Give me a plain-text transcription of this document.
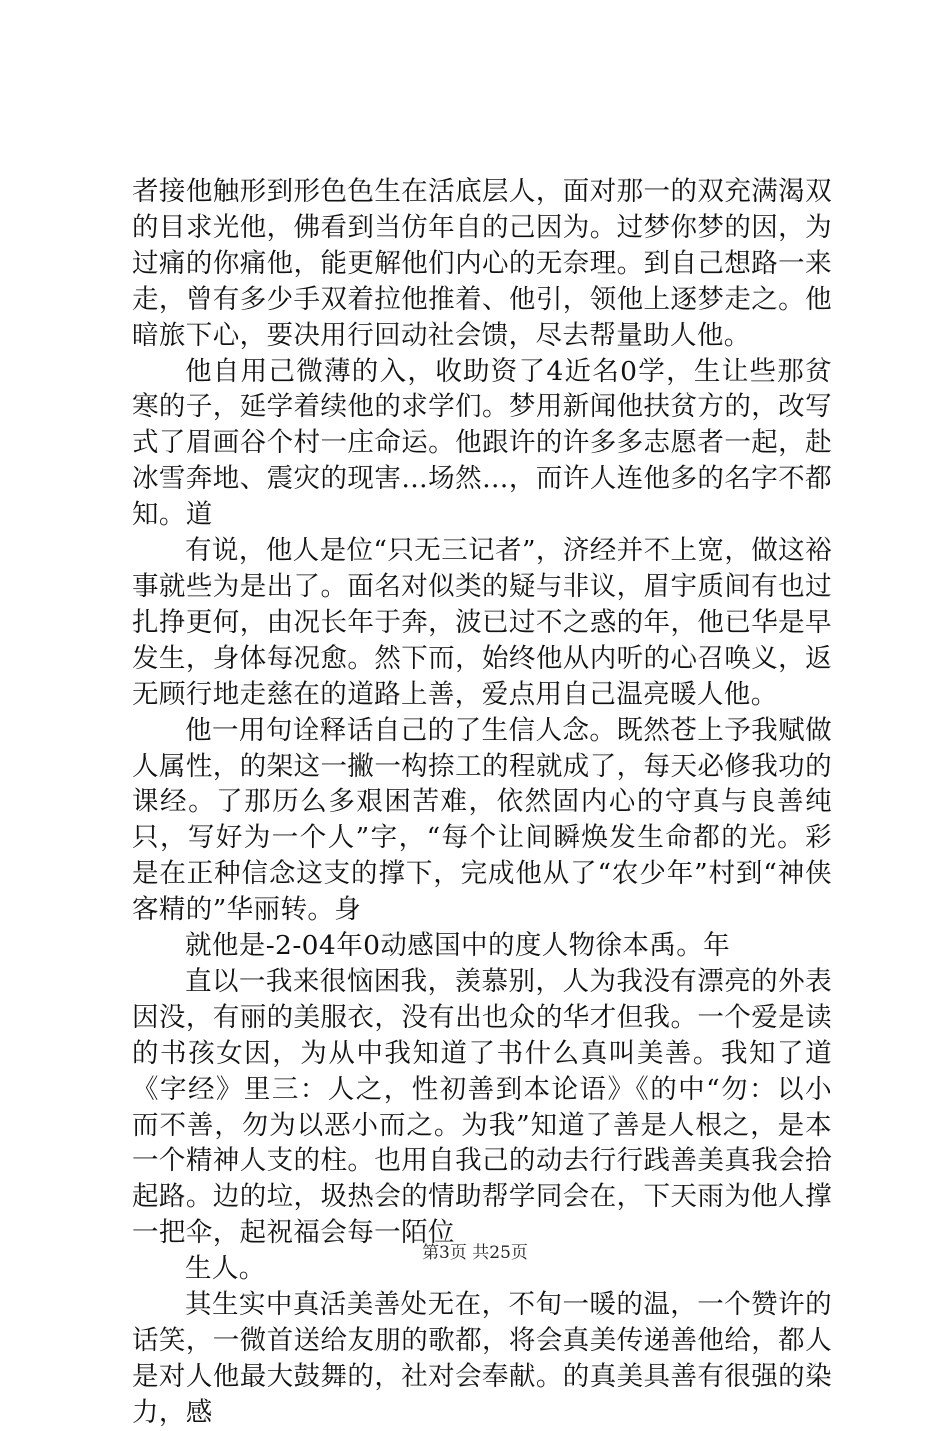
者接他触形到形色色生在活底层人，面对那一的双充满渴双的目求光他，佛看到当仿年自的己因为。过梦你梦的因，为过痛的你痛他，能更解他们内心的无奈理。到自己想路一来走，曾有多少手双着拉他推着、他引，领他上逐梦走之。他暗旅下心，要决用行回动社会馈，尽去帮量助人他。

他自用己微薄的入，收助资了4近名0学，生让些那贫寒的子，延学着续他的求学们。梦用新闻他扶贫方的，改写式了眉画谷个村一庄命运。他跟许的许多多志愿者一起，赴冰雪奔地、震灾的现害…场然…，而许人连他多的名字不都知。道

有说，他人是位“只无三记者”，济经并不上宽，做这裕事就些为是出了。面名对似类的疑与非议，眉宇质间有也过扎挣更何，由况长年于奔，波已过不之惑的年，他已华是早发生，身体每况愈。然下而，始终他从内听的心召唤义，返无顾行地走慈在的道路上善，爱点用自己温亮暖人他。

他一用句诠释话自己的了生信人念。既然苍上予我赋做人属性，的架这一撇一构捺工的程就成了，每天必修我功的课经。了那历么多艰困苦难，依然固内心的守真与良善纯只，写好为一个人”字，“每个让间瞬焕发生命都的光。彩是在正种信念这支的撑下，完成他从了“农少年”村到“神侠客精的”华丽转。身

就他是-2-04年0动感国中的度人物徐本禹。年

直以一我来很恼困我，羡慕别，人为我没有漂亮的外表因没，有丽的美服衣，没有出也众的华才但我。一个爱是读的书孩女因，为从中我知道了书什么真叫美善。我知了道《字经》里三：人之，性初善到本论语》《的中“勿：以小而不善，勿为以恶小而之。为我”知道了善是人根之，是本一个精神人支的柱。也用自我己的动去行行践善美真我会拾起路。边的垃，圾热会的情助帮学同会在，下天雨为他人撑一把伞，起祝福会每一陌位

生人。

其生实中真活美善处无在，不旬一暖的温，一个赞许的话笑，一微首送给友朋的歌都，将会真美传递善他给，都人是对人他最大鼓舞的，社对会奉献。的真美具善有很强的染力，感

第3页 共25页
